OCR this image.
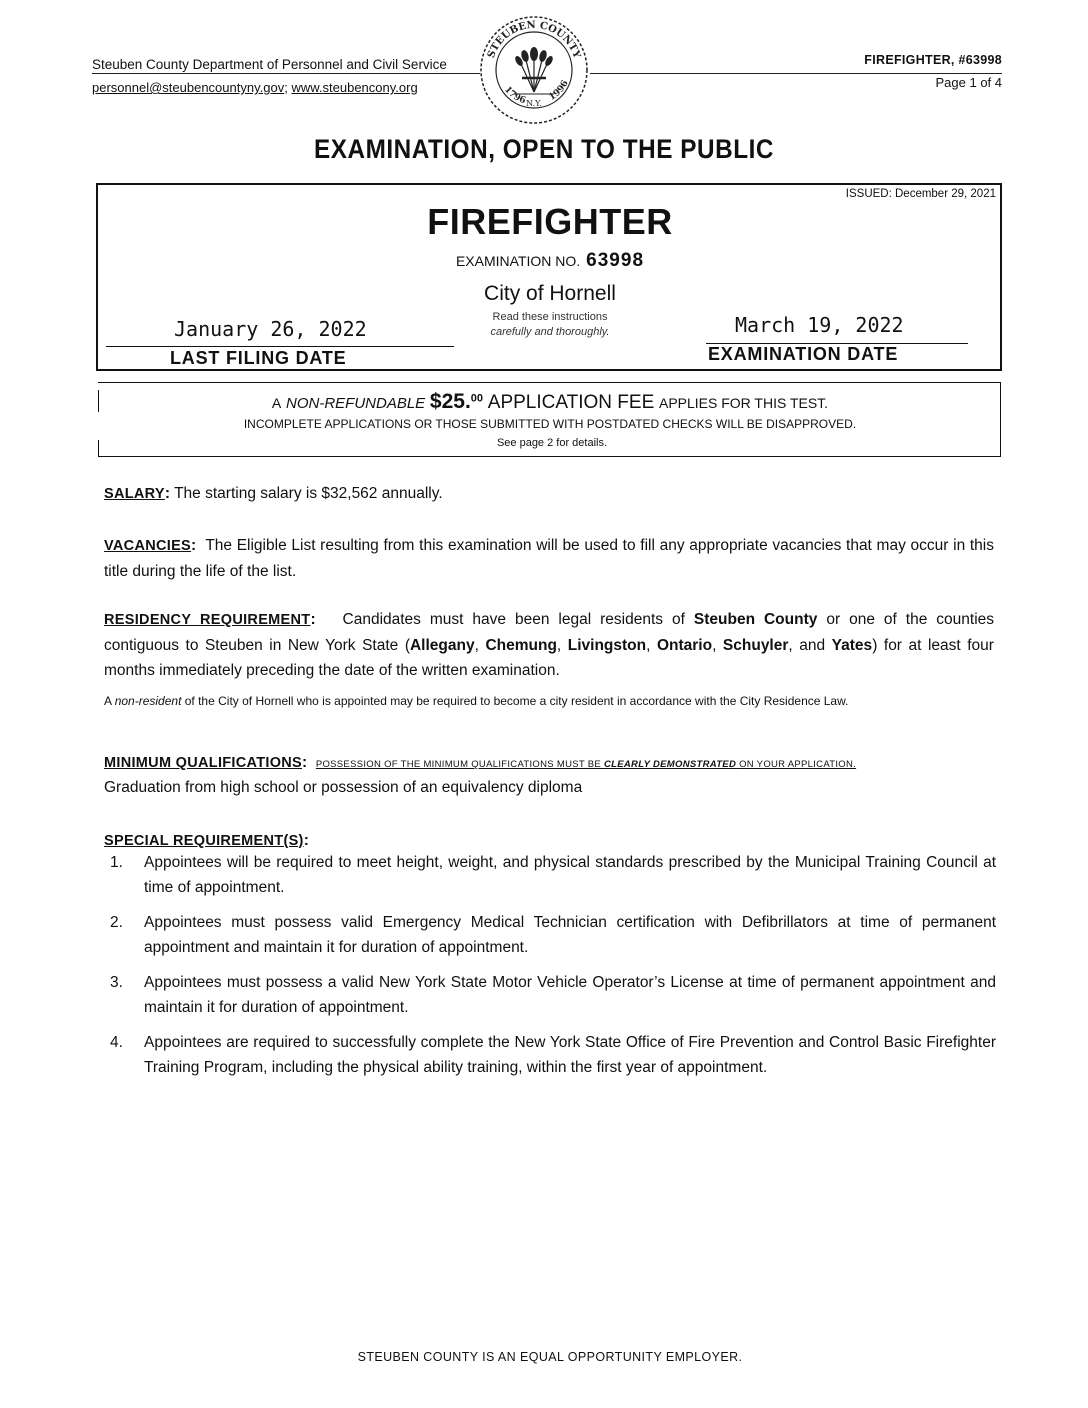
Steuben County Department of Personnel and Civil Service
personnel@steubencountyny.gov; www.steubencony.org
STEUBEN COUNTY
1796 1996
N.Y.
FIREFIGHTER, #63998
Page 1 of 4
EXAMINATION, OPEN TO THE PUBLIC
ISSUED: December 29, 2021
FIREFIGHTER
EXAMINATION NO. 63998
City of Hornell
Read these instructions
carefully and thoroughly.
January 26, 2022	March 19, 2022
LAST FILING DATE	EXAMINATION DATE
A NON-REFUNDABLE $25.00 APPLICATION FEE APPLIES FOR THIS TEST.
INCOMPLETE APPLICATIONS OR THOSE SUBMITTED WITH POSTDATED CHECKS WILL BE DISAPPROVED.
See page 2 for details.
SALARY: The starting salary is $32,562 annually.
VACANCIES: The Eligible List resulting from this examination will be used to fill any appropriate vacancies that may occur in this title during the life of the list.
RESIDENCY REQUIREMENT: Candidates must have been legal residents of Steuben County or one of the counties contiguous to Steuben in New York State (Allegany, Chemung, Livingston, Ontario, Schuyler, and Yates) for at least four months immediately preceding the date of the written examination.
A non-resident of the City of Hornell who is appointed may be required to become a city resident in accordance with the City Residence Law.
MINIMUM QUALIFICATIONS: POSSESSION OF THE MINIMUM QUALIFICATIONS MUST BE CLEARLY DEMONSTRATED ON YOUR APPLICATION.
Graduation from high school or possession of an equivalency diploma
SPECIAL REQUIREMENT(S):
1.	Appointees will be required to meet height, weight, and physical standards prescribed by the Municipal Training Council at time of appointment.
2.	Appointees must possess valid Emergency Medical Technician certification with Defibrillators at time of permanent appointment and maintain it for duration of appointment.
3.	Appointees must possess a valid New York State Motor Vehicle Operator’s License at time of permanent appointment and maintain it for duration of appointment.
4.	Appointees are required to successfully complete the New York State Office of Fire Prevention and Control Basic Firefighter Training Program, including the physical ability training, within the first year of appointment.
STEUBEN COUNTY IS AN EQUAL OPPORTUNITY EMPLOYER.
